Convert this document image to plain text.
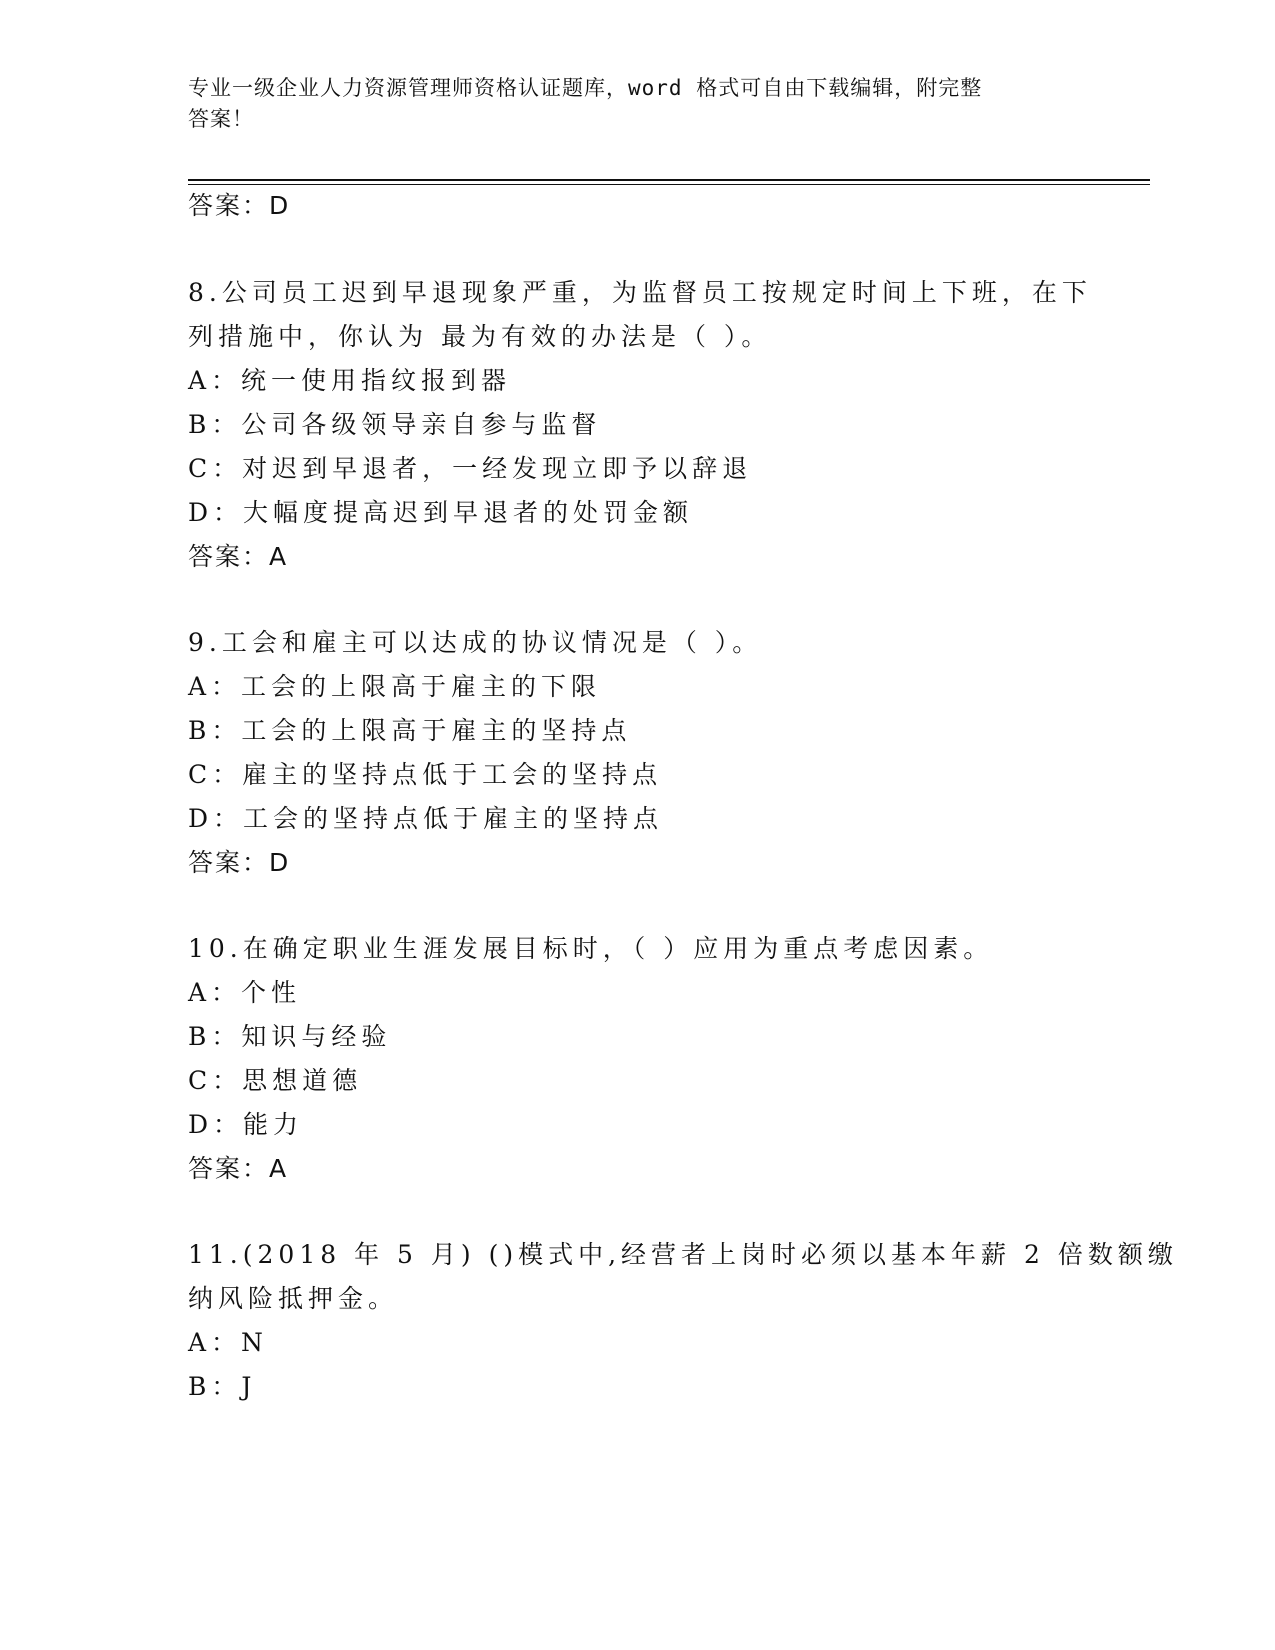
专业一级企业人力资源管理师资格认证题库，word 格式可自由下载编辑，附完整
答案！
答案：D
8.公司员工迟到早退现象严重，为监督员工按规定时间上下班，在下
列措施中，你认为 最为有效的办法是（ ）。
A：统一使用指纹报到器
B：公司各级领导亲自参与监督
C：对迟到早退者，一经发现立即予以辞退
D：大幅度提高迟到早退者的处罚金额
答案：A
9.工会和雇主可以达成的协议情况是（ ）。
A：工会的上限高于雇主的下限
B：工会的上限高于雇主的坚持点
C：雇主的坚持点低于工会的坚持点
D：工会的坚持点低于雇主的坚持点
答案：D
10.在确定职业生涯发展目标时，（ ）应用为重点考虑因素。
A：个性
B：知识与经验
C：思想道德
D：能力
答案：A
11.(2018 年 5 月) ()模式中,经营者上岗时必须以基本年薪 2 倍数额缴
纳风险抵押金。
A：N
B：J
